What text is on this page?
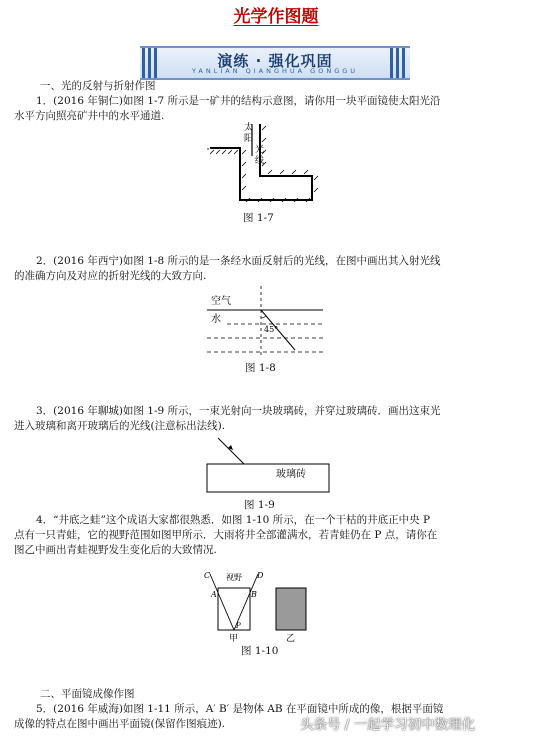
光学作图题
演练 · 强化巩固
YANLIAN QIANGHUA GONGGU
一、光的反射与折射作图
1．(2016 年铜仁)如图 1-7 所示是一矿井的结构示意图，请你用一块平面镜使太阳光沿
水平方向照亮矿井中的水平通道.
太
阳
光
线
图 1-7
2．(2016 年西宁)如图 1-8 所示的是一条经水面反射后的光线，在图中画出其入射光线
的准确方向及对应的折射光线的大致方向.
空气
水
45°
图 1-8
3．(2016 年聊城)如图 1-9 所示，一束光射向一块玻璃砖，并穿过玻璃砖．画出这束光
进入玻璃和离开玻璃后的光线(注意标出法线).
玻璃砖
图 1-9
4．“井底之蛙”这个成语大家都很熟悉．如图 1-10 所示，在一个干枯的井底正中央 P
点有一只青蛙，它的视野范围如图甲所示．大雨将井全部灌满水，若青蛙仍在 P 点，请你在
图乙中画出青蛙视野发生变化后的大致情况.
C	D
视野
A	B
P
甲	乙
图 1-10
二、平面镜成像作图
5．(2016 年威海)如图 1-11 所示，A′ B′ 是物体 AB 在平面镜中所成的像，根据平面镜
成像的特点在图中画出平面镜(保留作图痕迹).	头条号 / 一起学习初中数理化
